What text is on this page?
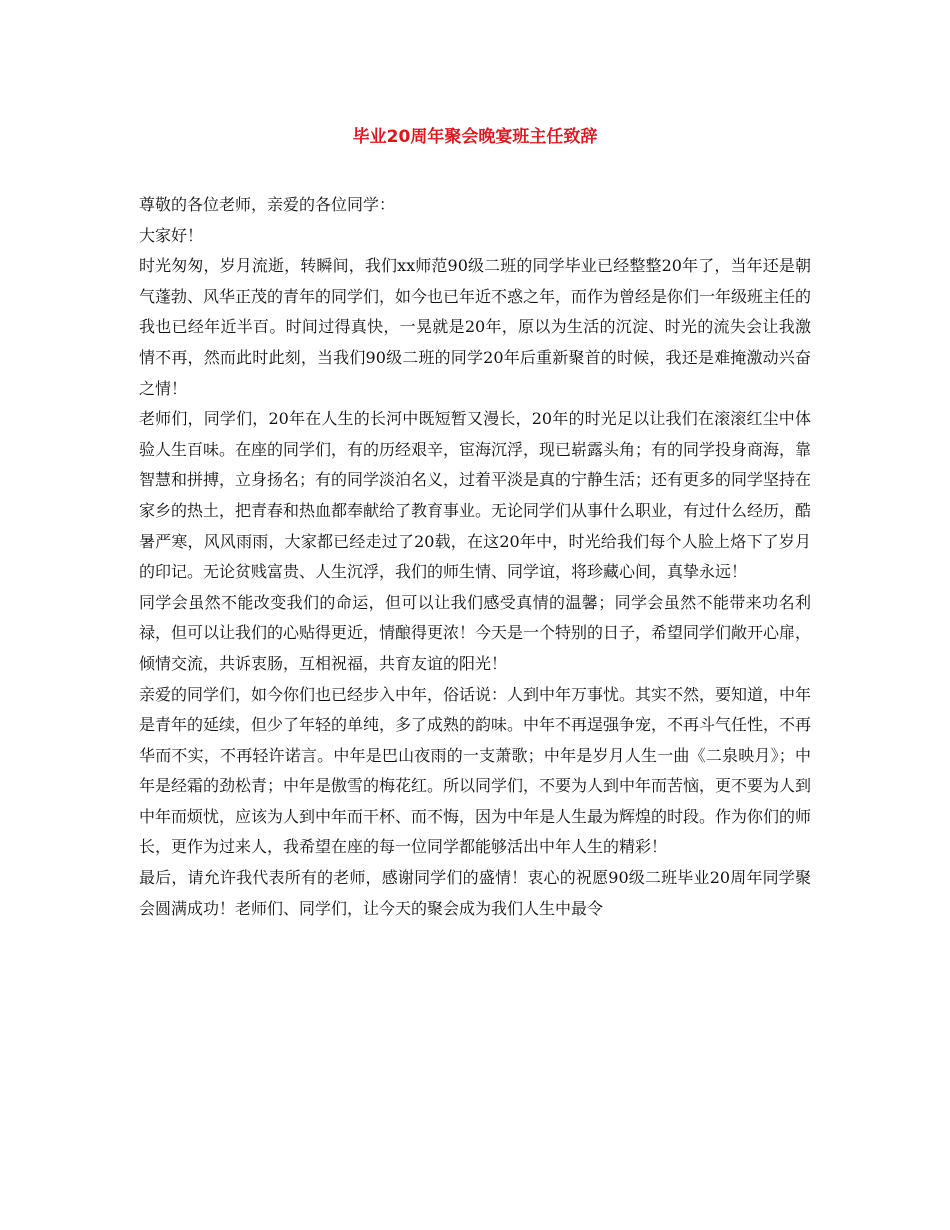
毕业20周年聚会晚宴班主任致辞

尊敬的各位老师，亲爱的各位同学：

大家好！

时光匆匆，岁月流逝，转瞬间，我们xx师范90级二班的同学毕业已经整整20年了，当年还是朝气蓬勃、风华正茂的青年的同学们，如今也已年近不惑之年，而作为曾经是你们一年级班主任的我也已经年近半百。时间过得真快，一晃就是20年，原以为生活的沉淀、时光的流失会让我激情不再，然而此时此刻，当我们90级二班的同学20年后重新聚首的时候，我还是难掩激动兴奋之情！

老师们，同学们，20年在人生的长河中既短暂又漫长，20年的时光足以让我们在滚滚红尘中体验人生百味。在座的同学们，有的历经艰辛，宦海沉浮，现已崭露头角；有的同学投身商海，靠智慧和拼搏，立身扬名；有的同学淡泊名义，过着平淡是真的宁静生活；还有更多的同学坚持在家乡的热土，把青春和热血都奉献给了教育事业。无论同学们从事什么职业，有过什么经历，酷暑严寒，风风雨雨，大家都已经走过了20载，在这20年中，时光给我们每个人脸上烙下了岁月的印记。无论贫贱富贵、人生沉浮，我们的师生情、同学谊，将珍藏心间，真挚永远！

同学会虽然不能改变我们的命运，但可以让我们感受真情的温馨；同学会虽然不能带来功名利禄，但可以让我们的心贴得更近，情酿得更浓！今天是一个特别的日子，希望同学们敞开心扉，倾情交流，共诉衷肠，互相祝福，共育友谊的阳光！

亲爱的同学们，如今你们也已经步入中年，俗话说：人到中年万事忧。其实不然，要知道，中年是青年的延续，但少了年轻的单纯，多了成熟的韵味。中年不再逞强争宠，不再斗气任性，不再华而不实，不再轻许诺言。中年是巴山夜雨的一支萧歌；中年是岁月人生一曲《二泉映月》；中年是经霜的劲松青；中年是傲雪的梅花红。所以同学们，不要为人到中年而苦恼，更不要为人到中年而烦忧，应该为人到中年而干杯、而不悔，因为中年是人生最为辉煌的时段。作为你们的师长，更作为过来人，我希望在座的每一位同学都能够活出中年人生的精彩！

最后，请允许我代表所有的老师，感谢同学们的盛情！衷心的祝愿90级二班毕业20周年同学聚会圆满成功！老师们、同学们，让今天的聚会成为我们人生中最令
